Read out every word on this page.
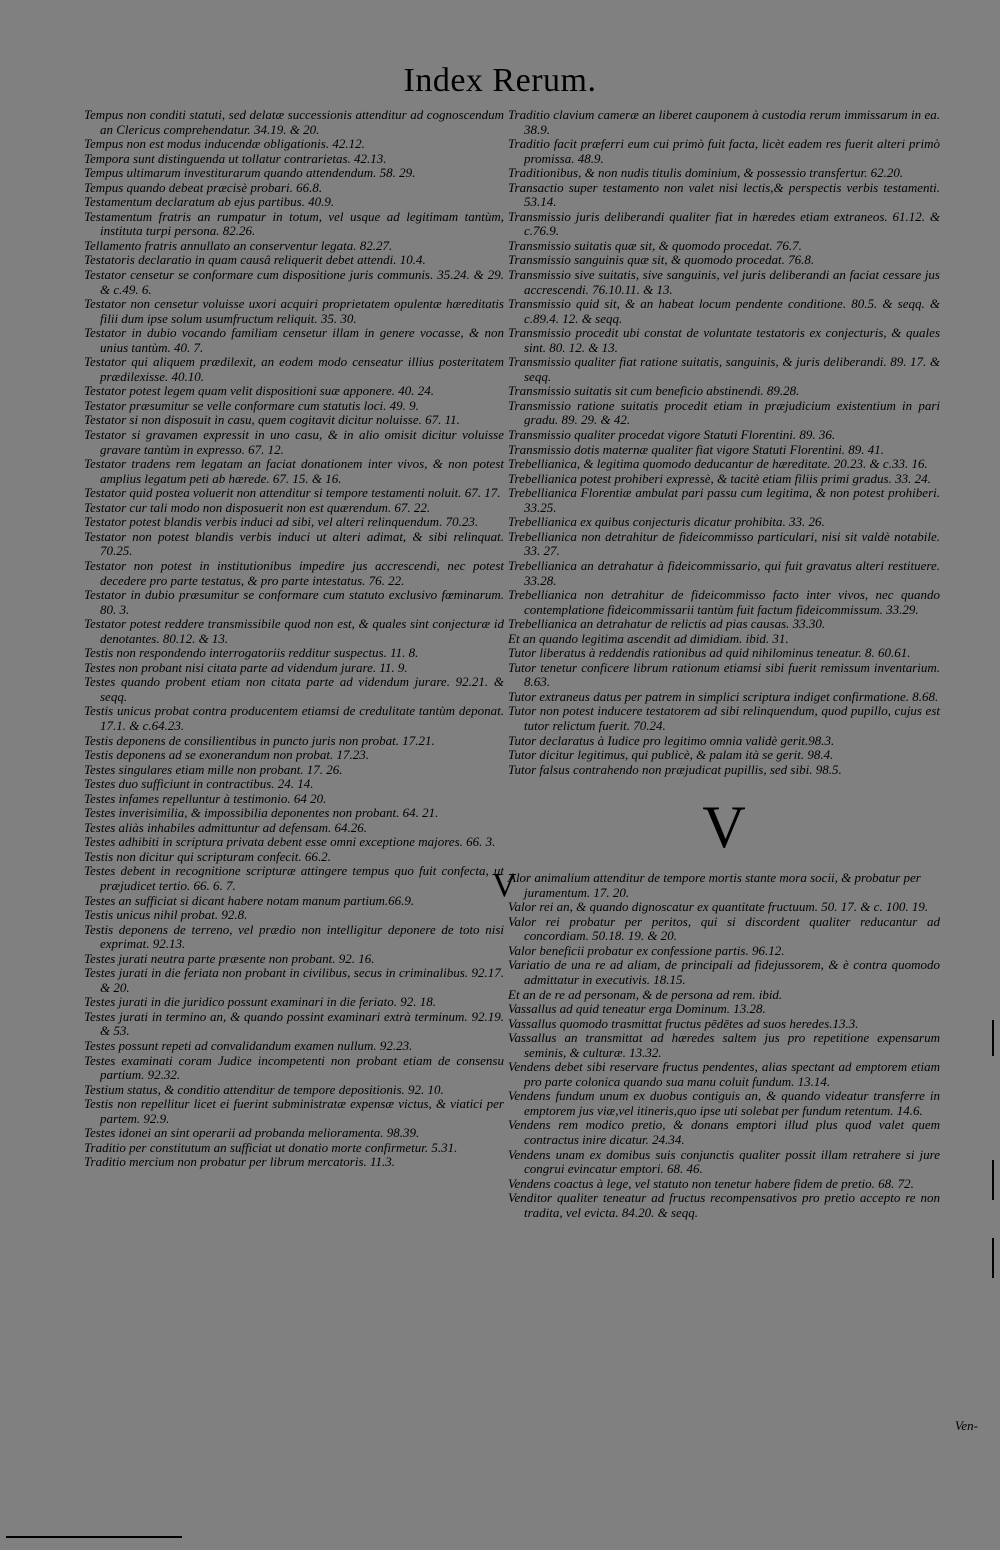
Index Rerum.

Tempus non conditi statuti, sed delatæ successionis attenditur ad cognoscendum an Clericus comprehendatur. 34.19. & 20.

Tempus non est modus inducendæ obligationis. 42.12.

Tempora sunt distinguenda ut tollatur contrarietas. 42.13.

Tempus ultimarum investiturarum quando attendendum. 58. 29.

Tempus quando debeat præcisè probari. 66.8.

Testamentum declaratum ab ejus partibus. 40.9.

Testamentum fratris an rumpatur in totum, vel usque ad legitimam tantùm, instituta turpi persona. 82.26.

Tellamento fratris annullato an conserventur legata. 82.27.

Testatoris declaratio in quam causâ reliquerit debet attendi. 10.4.

Testator censetur se conformare cum dispositione juris communis. 35.24. & 29. & c.49. 6.

Testator non censetur voluisse uxori acquiri proprietatem opulentæ hæreditatis filii dum ipse solum usumfructum reliquit. 35. 30.

Testator in dubio vocando familiam censetur illam in genere vocasse, & non unius tantùm. 40. 7.

Testator qui aliquem prædilexit, an eodem modo censeatur illius posteritatem prædilexisse. 40.10.

Testator potest legem quam velit dispositioni suæ apponere. 40. 24.

Testator præsumitur se velle conformare cum statutis loci. 49. 9.

Testator si non disposuit in casu, quem cogitavit dicitur noluisse. 67. 11.

Testator si gravamen expressit in uno casu, & in alio omisit dicitur voluisse gravare tantùm in expresso. 67. 12.

Testator tradens rem legatam an faciat donationem inter vivos, & non potest amplius legatum peti ab hærede. 67. 15. & 16.

Testator quid postea voluerit non attenditur si tempore testamenti noluit. 67. 17.

Testator cur tali modo non disposuerit non est quærendum. 67. 22.

Testator potest blandis verbis induci ad sibi, vel alteri relinquendum. 70.23.

Testator non potest blandis verbis induci ut alteri adimat, & sibi relinquat. 70.25.

Testator non potest in institutionibus impedire jus accrescendi, nec potest decedere pro parte testatus, & pro parte intestatus. 76. 22.

Testator in dubio præsumitur se conformare cum statuto exclusivo fœminarum. 80. 3.

Testator potest reddere transmissibile quod non est, & quales sint conjecturæ id denotantes. 80.12. & 13.

Testis non respondendo interrogatoriis redditur suspectus. 11. 8.

Testes non probant nisi citata parte ad videndum jurare. 11. 9.

Testes quando probent etiam non citata parte ad videndum jurare. 92.21. & seqq.

Testis unicus probat contra producentem etiamsi de credulitate tantùm deponat. 17.1. & c.64.23.

Testis deponens de consilientibus in puncto juris non probat. 17.21.

Testis deponens ad se exonerandum non probat. 17.23.

Testes singulares etiam mille non probant. 17. 26.

Testes duo sufficiunt in contractibus. 24. 14.

Testes infames repelluntur à testimonio. 64 20.

Testes inverisimilia, & impossibilia deponentes non probant. 64. 21.

Testes aliàs inhabiles admittuntur ad defensam. 64.26.

Testes adhibiti in scriptura privata debent esse omni exceptione majores. 66. 3.

Testis non dicitur qui scripturam confecit. 66.2.

Testes debent in recognitione scripturæ attingere tempus quo fuit confecta, ut præjudicet tertio. 66. 6. 7.

Testes an sufficiat si dicant habere notam manum partium.66.9.

Testis unicus nihil probat. 92.8.

Testis deponens de terreno, vel prædio non intelligitur deponere de toto nisi exprimat. 92.13.

Testes jurati neutra parte præsente non probant. 92. 16.

Testes jurati in die feriata non probant in civilibus, secus in criminalibus. 92.17. & 20.

Testes jurati in die juridico possunt examinari in die feriato. 92. 18.

Testes jurati in termino an, & quando possint examinari extrà terminum. 92.19. & 53.

Testes possunt repeti ad convalidandum examen nullum. 92.23.

Testes examinati coram Judice incompetenti non probant etiam de consensu partium. 92.32.

Testium status, & conditio attenditur de tempore depositionis. 92. 10.

Testis non repellitur licet ei fuerint subministratæ expensæ victus, & viatici per partem. 92.9.

Testes idonei an sint operarii ad probanda melioramenta. 98.39.

Traditio per constitutum an sufficiat ut donatio morte confirmetur. 5.31.

Traditio mercium non probatur per librum mercatoris. 11.3.

Traditio clavium cameræ an liberet cauponem à custodia rerum immissarum in ea. 38.9.

Traditio facit præferri eum cui primò fuit facta, licèt eadem res fuerit alteri primò promissa. 48.9.

Traditionibus, & non nudis titulis dominium, & possessio transfertur. 62.20.

Transactio super testamento non valet nisi lectis,& perspectis verbis testamenti. 53.14.

Transmissio juris deliberandi qualiter fiat in hæredes etiam extraneos. 61.12. & c.76.9.

Transmissio suitatis quæ sit, & quomodo procedat. 76.7.

Transmissio sanguinis quæ sit, & quomodo procedat. 76.8.

Transmissio sive suitatis, sive sanguinis, vel juris deliberandi an faciat cessare jus accrescendi. 76.10.11. & 13.

Transmissio quid sit, & an habeat locum pendente conditione. 80.5. & seqq. & c.89.4. 12. & seqq.

Transmissio procedit ubi constat de voluntate testatoris ex conjecturis, & quales sint. 80. 12. & 13.

Transmissio qualiter fiat ratione suitatis, sanguinis, & juris deliberandi. 89. 17. & seqq.

Transmissio suitatis sit cum beneficio abstinendi. 89.28.

Transmissio ratione suitatis procedit etiam in præjudicium existentium in pari gradu. 89. 29. & 42.

Transmissio qualiter procedat vigore Statuti Florentini. 89. 36.

Transmissio dotis maternæ qualiter fiat vigore Statuti Florentini. 89. 41.

Trebellianica, & legitima quomodo deducantur de hæreditate. 20.23. & c.33. 16.

Trebellianica potest prohiberi expressè, & tacitè etiam filiis primi gradus. 33. 24.

Trebellianica Florentiæ ambulat pari passu cum legitima, & non potest prohiberi. 33.25.

Trebellianica ex quibus conjecturis dicatur prohibita. 33. 26.

Trebellianica non detrahitur de fideicommisso particulari, nisi sit valdè notabile. 33. 27.

Trebellianica an detrahatur à fideicommissario, qui fuit gravatus alteri restituere. 33.28.

Trebellianica non detrahitur de fideicommisso facto inter vivos, nec quando contemplatione fideicommissarii tantùm fuit factum fideicommissum. 33.29.

Trebellianica an detrahatur de relictis ad pias causas. 33.30.

Et an quando legitima ascendit ad dimidiam. ibid. 31.

Tutor liberatus à reddendis rationibus ad quid nihilominus teneatur. 8. 60.61.

Tutor tenetur conficere librum rationum etiamsi sibi fuerit remissum inventarium. 8.63.

Tutor extraneus datus per patrem in simplici scriptura indiget confirmatione. 8.68.

Tutor non potest inducere testatorem ad sibi relinquendum, quod pupillo, cujus est tutor relictum fuerit. 70.24.

Tutor declaratus à Iudice pro legitimo omnia validè gerit.98.3.

Tutor dicitur legitimus, qui publicè, & palam ità se gerit. 98.4.

Tutor falsus contrahendo non præjudicat pupillis, sed sibi. 98.5.

V

V
Alor animalium attenditur de tempore mortis stante mora socii, & probatur per juramentum. 17. 20.

Valor rei an, & quando dignoscatur ex quantitate fructuum. 50. 17. & c. 100. 19.

Valor rei probatur per peritos, qui si discordent qualiter reducantur ad concordiam. 50.18. 19. & 20.

Valor beneficii probatur ex confessione partis. 96.12.

Variatio de una re ad aliam, de principali ad fidejussorem, & è contra quomodo admittatur in executivis. 18.15.

Et an de re ad personam, & de persona ad rem. ibid.

Vassallus ad quid teneatur erga Dominum. 13.28.

Vassallus quomodo trasmittat fructus pēdētes ad suos heredes.13.3.

Vassallus an transmittat ad hæredes saltem jus pro repetitione expensarum seminis, & culturæ. 13.32.

Vendens debet sibi reservare fructus pendentes, alias spectant ad emptorem etiam pro parte colonica quando sua manu coluit fundum. 13.14.

Vendens fundum unum ex duobus contiguis an, & quando videatur transferre in emptorem jus viæ,vel itineris,quo ipse uti solebat per fundum retentum. 14.6.

Vendens rem modico pretio, & donans emptori illud plus quod valet quem contractus inire dicatur. 24.34.

Vendens unam ex domibus suis conjunctis qualiter possit illam retrahere si jure congrui evincatur emptori. 68. 46.

Vendens coactus à lege, vel statuto non tenetur habere fidem de pretio. 68. 72.

Venditor qualiter teneatur ad fructus recompensativos pro pretio accepto re non tradita, vel evicta. 84.20. & seqq.

Ven-
